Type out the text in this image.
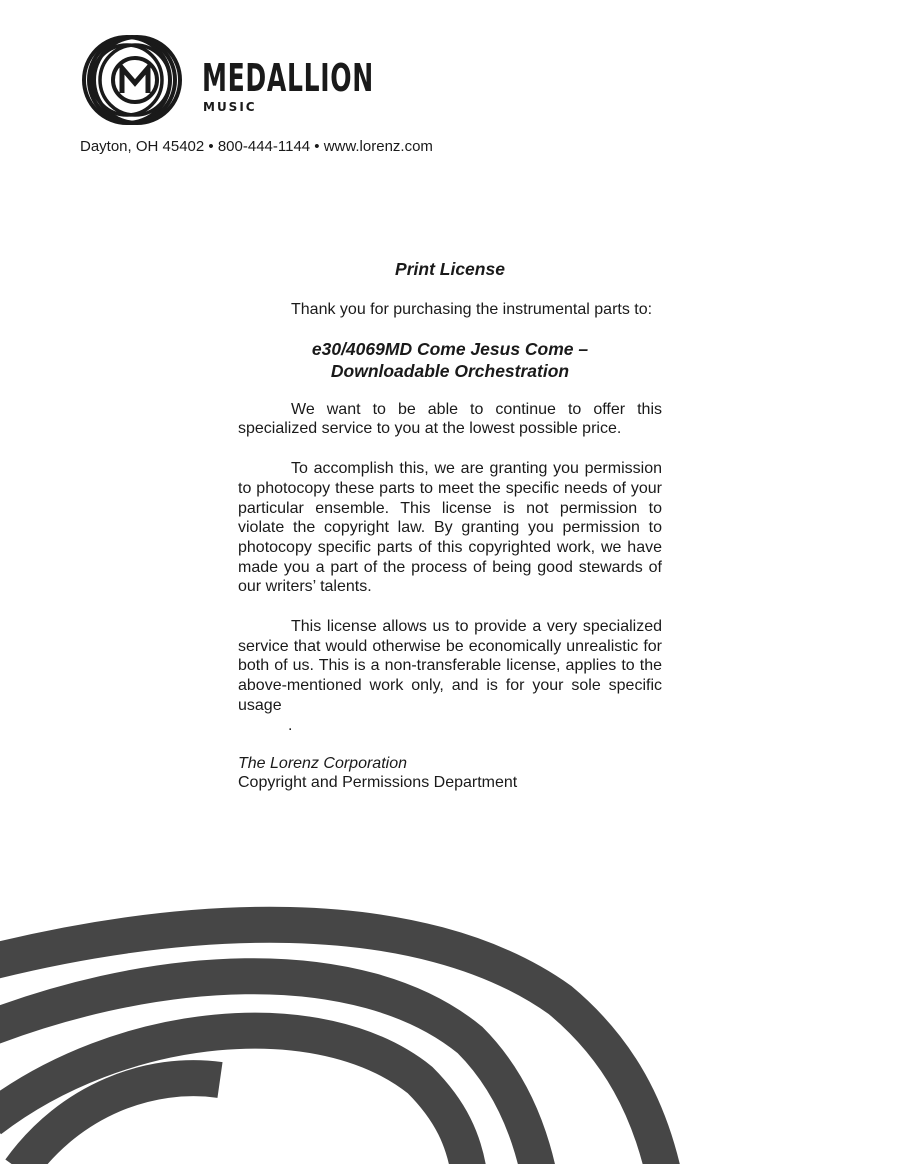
MEDALLION
MUSIC
Dayton, OH 45402 • 800-444-1144 • www.lorenz.com
Print License

Thank you for purchasing the instrumental parts to:

e30/4069MD Come Jesus Come –
Downloadable Orchestration

We want to be able to continue to offer this specialized service to you at the lowest possible price.

To accomplish this, we are granting you permission to photocopy these parts to meet the specific needs of your particular ensemble. This license is not permission to violate the copyright law. By granting you permission to photocopy specific parts of this copyrighted work, we have made you a part of the process of being good stewards of our writers’ talents.

This license allows us to provide a very specialized service that would otherwise be economically unrealistic for both of us. This is a non-transferable license, applies to the above-mentioned work only, and is for your sole specific usage

.
The Lorenz Corporation
Copyright and Permissions Department
